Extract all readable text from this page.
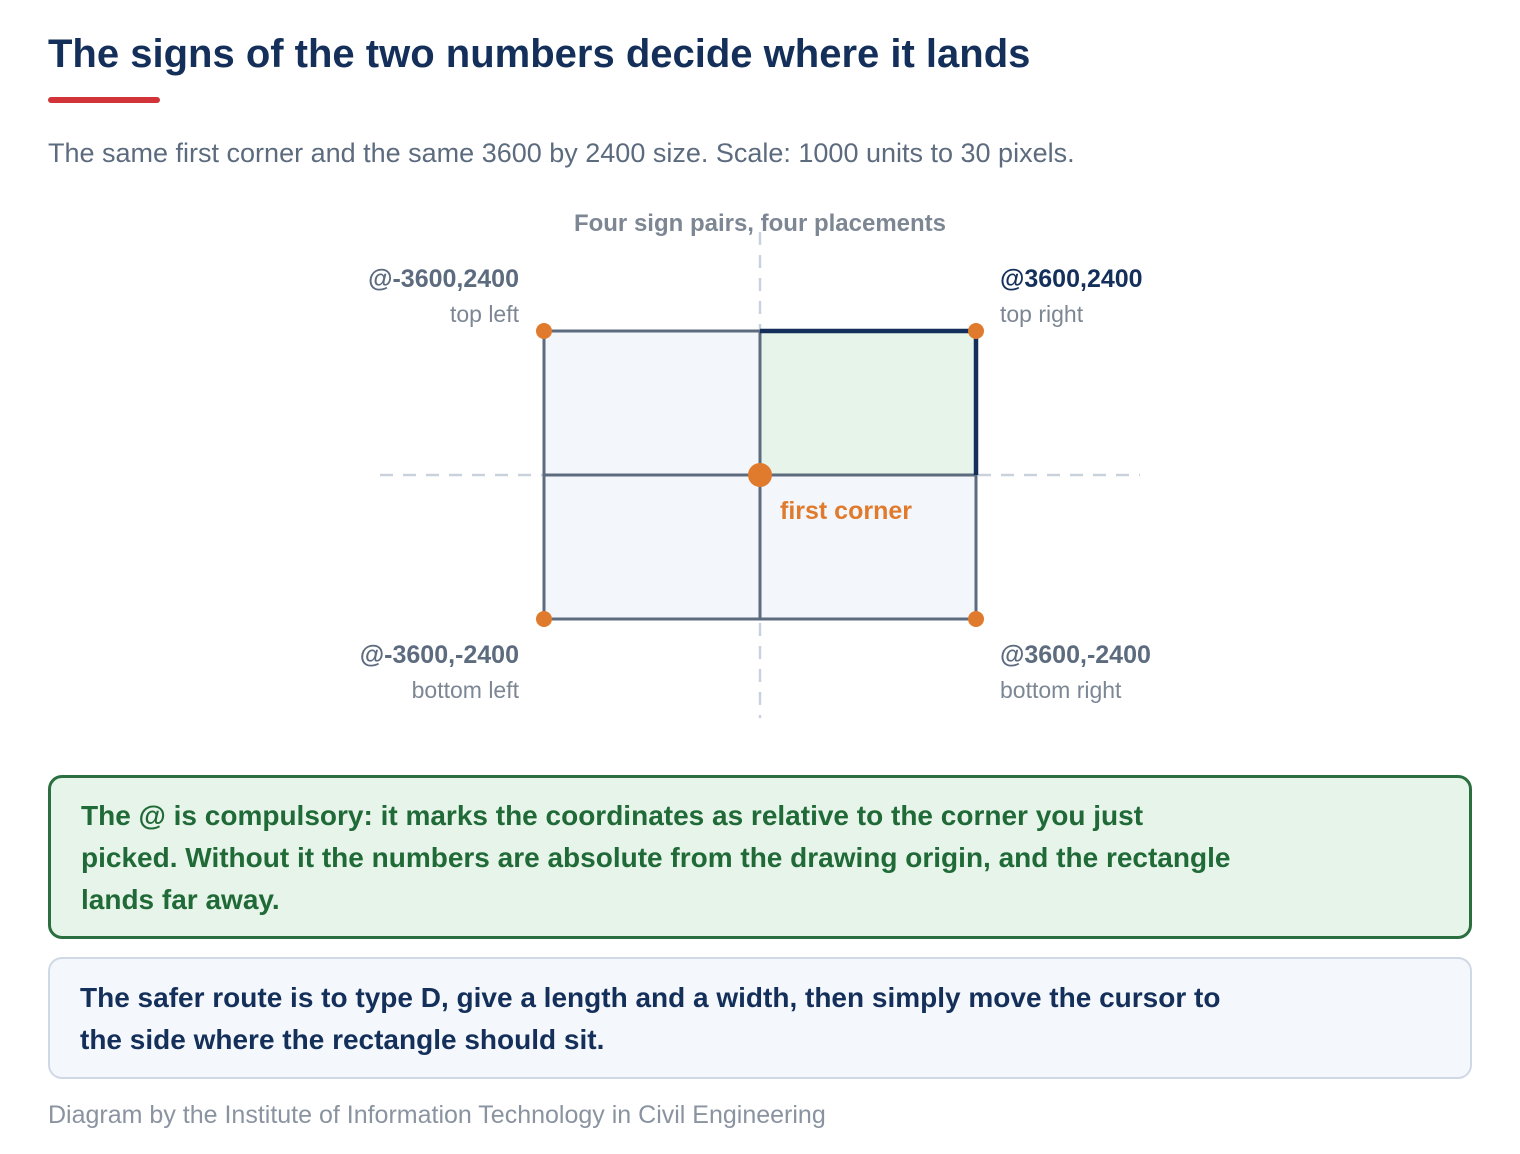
The signs of the two numbers decide where it lands
The same first corner and the same 3600 by 2400 size. Scale: 1000 units to 30 pixels.
Four sign pairs, four placements
first corner
@-3600,2400
top left
@3600,2400
top right
@-3600,-2400
bottom left
@3600,-2400
bottom right
The @ is compulsory: it marks the coordinates as relative to the corner you just picked. Without it the numbers are absolute from the drawing origin, and the rectangle lands far away.
The safer route is to type D, give a length and a width, then simply move the cursor to the side where the rectangle should sit.
Diagram by the Institute of Information Technology in Civil Engineering
